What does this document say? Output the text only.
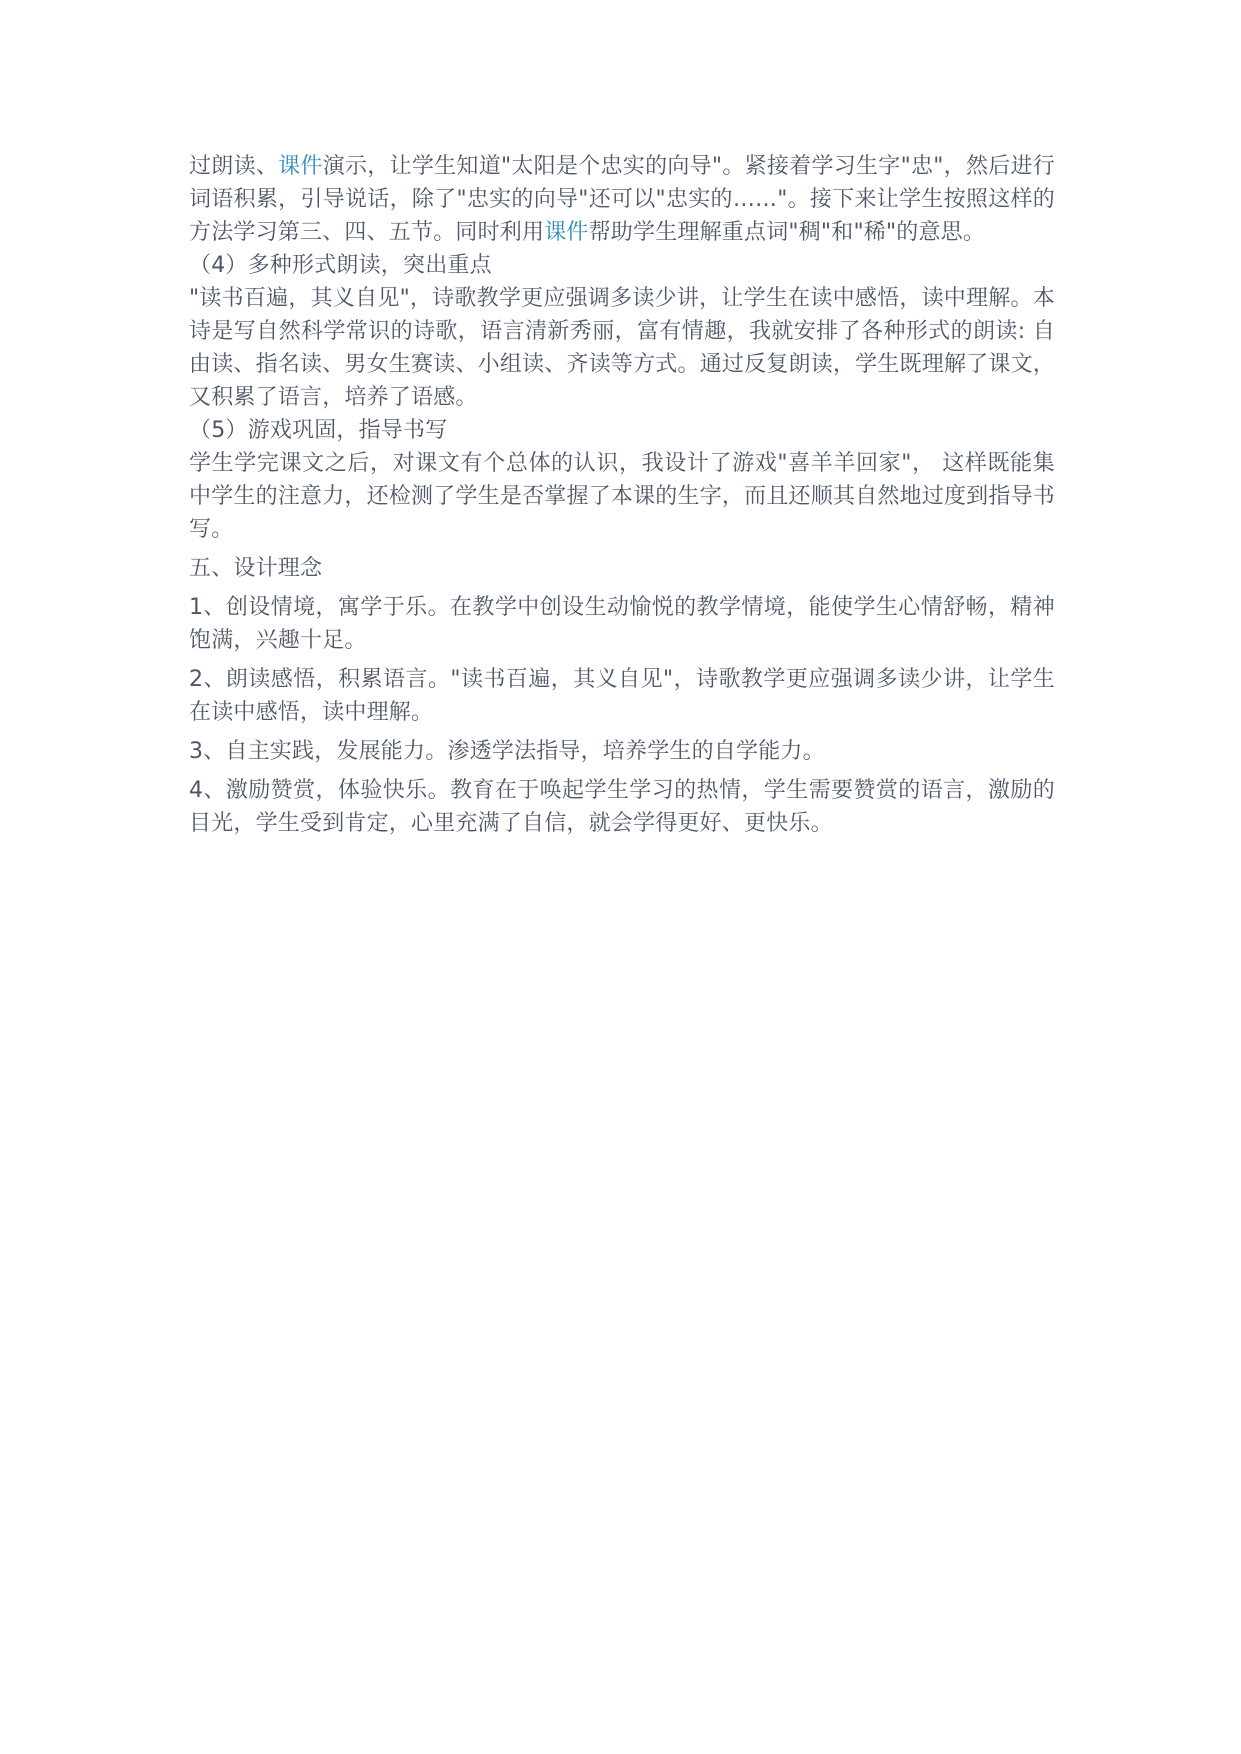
过朗读、课件演示，让学生知道"太阳是个忠实的向导"。紧接着学习生字"忠"，然后进行词语积累，引导说话，除了"忠实的向导"还可以"忠实的……"。接下来让学生按照这样的方法学习第三、四、五节。同时利用课件帮助学生理解重点词"稠"和"稀"的意思。

（4）多种形式朗读，突出重点

"读书百遍，其义自见"，诗歌教学更应强调多读少讲，让学生在读中感悟，读中理解。本诗是写自然科学常识的诗歌，语言清新秀丽，富有情趣，我就安排了各种形式的朗读: 自由读、指名读、男女生赛读、小组读、齐读等方式。通过反复朗读，学生既理解了课文，又积累了语言，培养了语感。

（5）游戏巩固，指导书写

学生学完课文之后，对课文有个总体的认识，我设计了游戏"喜羊羊回家"， 这样既能集中学生的注意力，还检测了学生是否掌握了本课的生字，而且还顺其自然地过度到指导书写。

五、设计理念

1、创设情境，寓学于乐。在教学中创设生动愉悦的教学情境，能使学生心情舒畅，精神饱满，兴趣十足。

2、朗读感悟，积累语言。"读书百遍，其义自见"，诗歌教学更应强调多读少讲，让学生在读中感悟，读中理解。

3、自主实践，发展能力。渗透学法指导，培养学生的自学能力。

4、激励赞赏，体验快乐。教育在于唤起学生学习的热情，学生需要赞赏的语言，激励的目光，学生受到肯定，心里充满了自信，就会学得更好、更快乐。
